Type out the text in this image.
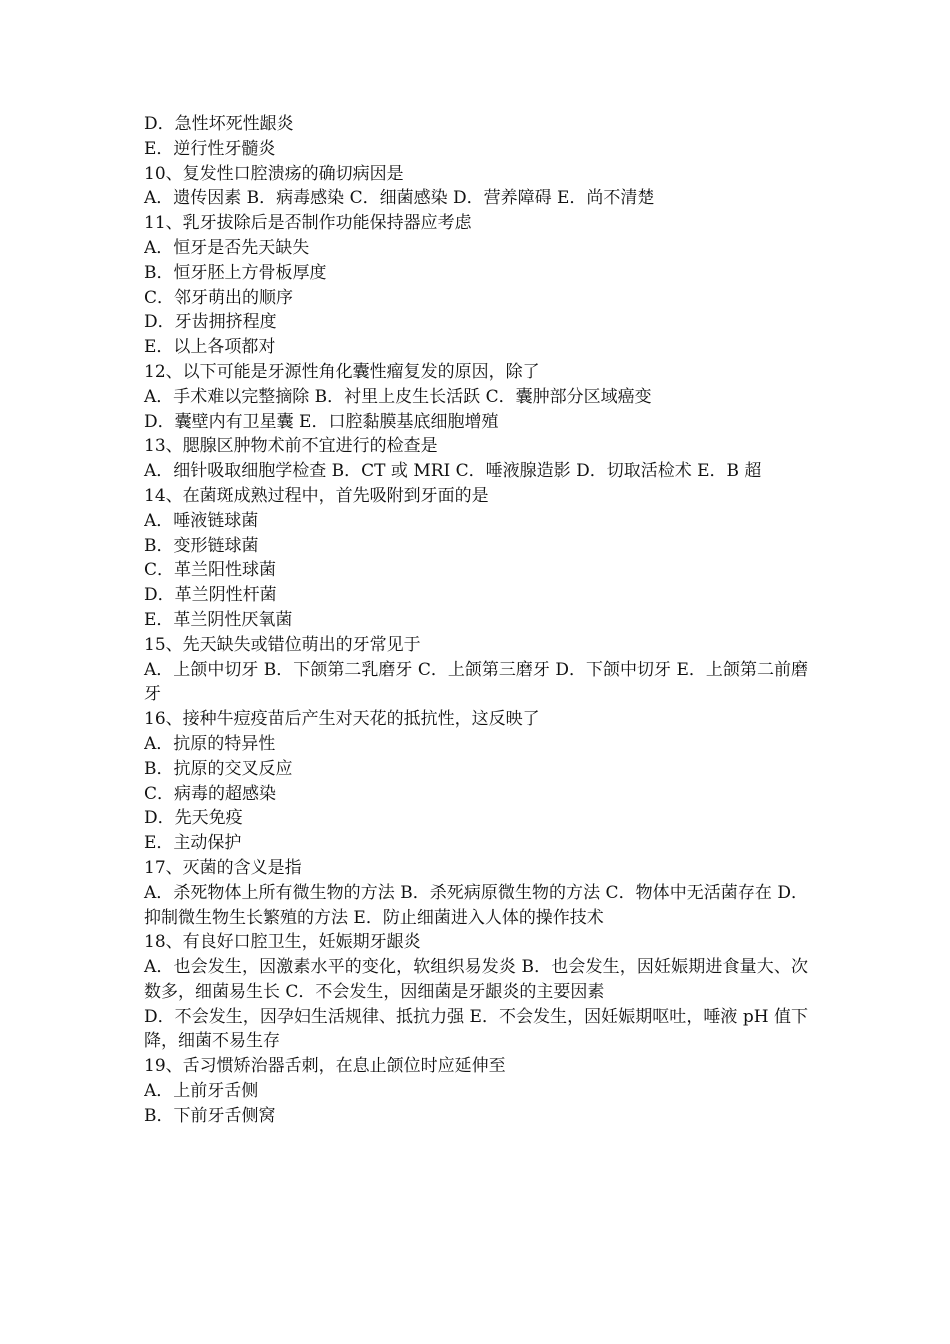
D．急性坏死性龈炎
E．逆行性牙髓炎
10、复发性口腔溃疡的确切病因是
A．遗传因素 B．病毒感染 C．细菌感染 D．营养障碍 E．尚不清楚
11、乳牙拔除后是否制作功能保持器应考虑
A．恒牙是否先天缺失
B．恒牙胚上方骨板厚度
C．邻牙萌出的顺序
D．牙齿拥挤程度
E．以上各项都对
12、以下可能是牙源性角化囊性瘤复发的原因，除了
A．手术难以完整摘除 B．衬里上皮生长活跃 C．囊肿部分区域癌变
D．囊壁内有卫星囊 E．口腔黏膜基底细胞增殖
13、腮腺区肿物术前不宜进行的检查是
A．细针吸取细胞学检查 B．CT 或 MRI C．唾液腺造影 D．切取活检术 E．B 超
14、在菌斑成熟过程中，首先吸附到牙面的是
A．唾液链球菌
B．变形链球菌
C．革兰阳性球菌
D．革兰阴性杆菌
E．革兰阴性厌氧菌
15、先天缺失或错位萌出的牙常见于
A．上颌中切牙 B．下颌第二乳磨牙 C．上颌第三磨牙 D．下颌中切牙 E．上颌第二前磨牙
16、接种牛痘疫苗后产生对天花的抵抗性，这反映了
A．抗原的特异性
B．抗原的交叉反应
C．病毒的超感染
D．先天免疫
E．主动保护
17、灭菌的含义是指
A．杀死物体上所有微生物的方法 B．杀死病原微生物的方法 C．物体中无活菌存在 D．抑制微生物生长繁殖的方法 E．防止细菌进入人体的操作技术
18、有良好口腔卫生，妊娠期牙龈炎
A．也会发生，因激素水平的变化，软组织易发炎 B．也会发生，因妊娠期进食量大、次数多，细菌易生长 C．不会发生，因细菌是牙龈炎的主要因素
D．不会发生，因孕妇生活规律、抵抗力强 E．不会发生，因妊娠期呕吐，唾液 pH 值下降，细菌不易生存
19、舌习惯矫治器舌刺，在息止颌位时应延伸至
A．上前牙舌侧
B．下前牙舌侧窝
